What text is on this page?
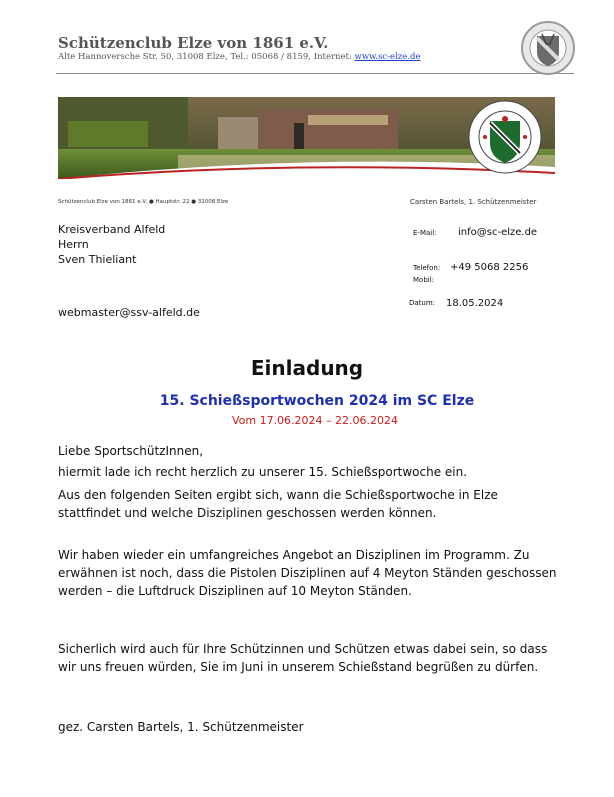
Schützenclub Elze von 1861 e.V.
Alte Hannoversche Str. 50, 31008 Elze, Tel.: 05068 / 8159, Internet: www.sc-elze.de
Schützenclub Elze von 1861 e.V. ● Hauptstr. 22 ● 31008 Elze	Carsten Bartels, 1. Schützenmeister
Kreisverband Alfeld
Herrn
Sven Thieliant
E-Mail: info@sc-elze.de
Telefon: +49 5068 2256
Mobil:
Datum: 18.05.2024
webmaster@ssv-alfeld.de
Einladung
15. Schießsportwochen 2024 im SC Elze
Vom 17.06.2024 – 22.06.2024
Liebe SportschützInnen,
hiermit lade ich recht herzlich zu unserer 15. Schießsportwoche ein.
Aus den folgenden Seiten ergibt sich, wann die Schießsportwoche in Elze stattfindet und welche Disziplinen geschossen werden können.
Wir haben wieder ein umfangreiches Angebot an Disziplinen im Programm. Zu erwähnen ist noch, dass die Pistolen Disziplinen auf 4 Meyton Ständen geschossen werden – die Luftdruck Disziplinen auf 10 Meyton Ständen.
Sicherlich wird auch für Ihre Schützinnen und Schützen etwas dabei sein, so dass wir uns freuen würden, Sie im Juni in unserem Schießstand begrüßen zu dürfen.
gez. Carsten Bartels, 1. Schützenmeister
